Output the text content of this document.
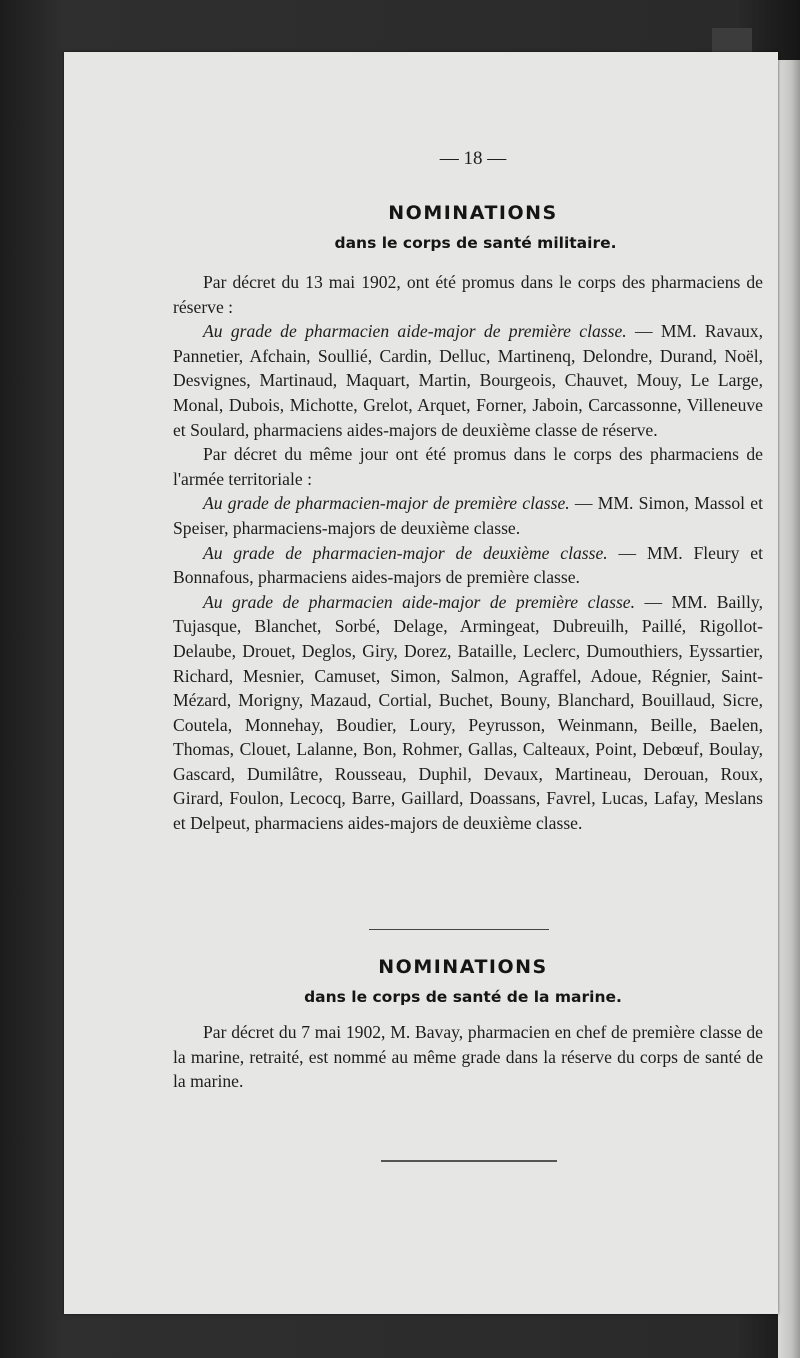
— 18 —
NOMINATIONS
dans le corps de santé militaire.

Par décret du 13 mai 1902, ont été promus dans le corps des pharmaciens de réserve :

Au grade de pharmacien aide-major de première classe. — MM. Ravaux, Pannetier, Afchain, Soullié, Cardin, Delluc, Martinenq, Delondre, Durand, Noël, Desvignes, Martinaud, Maquart, Martin, Bourgeois, Chauvet, Mouy, Le Large, Monal, Dubois, Michotte, Grelot, Arquet, Forner, Jaboin, Carcassonne, Villeneuve et Soulard, pharmaciens aides-majors de deuxième classe de réserve.

Par décret du même jour ont été promus dans le corps des pharmaciens de l'armée territoriale :

Au grade de pharmacien-major de première classe. — MM. Simon, Massol et Speiser, pharmaciens-majors de deuxième classe.

Au grade de pharmacien-major de deuxième classe. — MM. Fleury et Bonnafous, pharmaciens aides-majors de première classe.

Au grade de pharmacien aide-major de première classe. — MM. Bailly, Tujasque, Blanchet, Sorbé, Delage, Armingeat, Dubreuilh, Paillé, Rigollot-Delaube, Drouet, Deglos, Giry, Dorez, Bataille, Leclerc, Dumouthiers, Eyssartier, Richard, Mesnier, Camuset, Simon, Salmon, Agraffel, Adoue, Régnier, Saint-Mézard, Morigny, Mazaud, Cortial, Buchet, Bouny, Blanchard, Bouillaud, Sicre, Coutela, Monnehay, Boudier, Loury, Peyrusson, Weinmann, Beille, Baelen, Thomas, Clouet, Lalanne, Bon, Rohmer, Gallas, Calteaux, Point, Debœuf, Boulay, Gascard, Dumilâtre, Rousseau, Duphil, Devaux, Martineau, Derouan, Roux, Girard, Foulon, Lecocq, Barre, Gaillard, Doassans, Favrel, Lucas, Lafay, Meslans et Delpeut, pharmaciens aides-majors de deuxième classe.

NOMINATIONS
dans le corps de santé de la marine.

Par décret du 7 mai 1902, M. Bavay, pharmacien en chef de première classe de la marine, retraité, est nommé au même grade dans la réserve du corps de santé de la marine.
